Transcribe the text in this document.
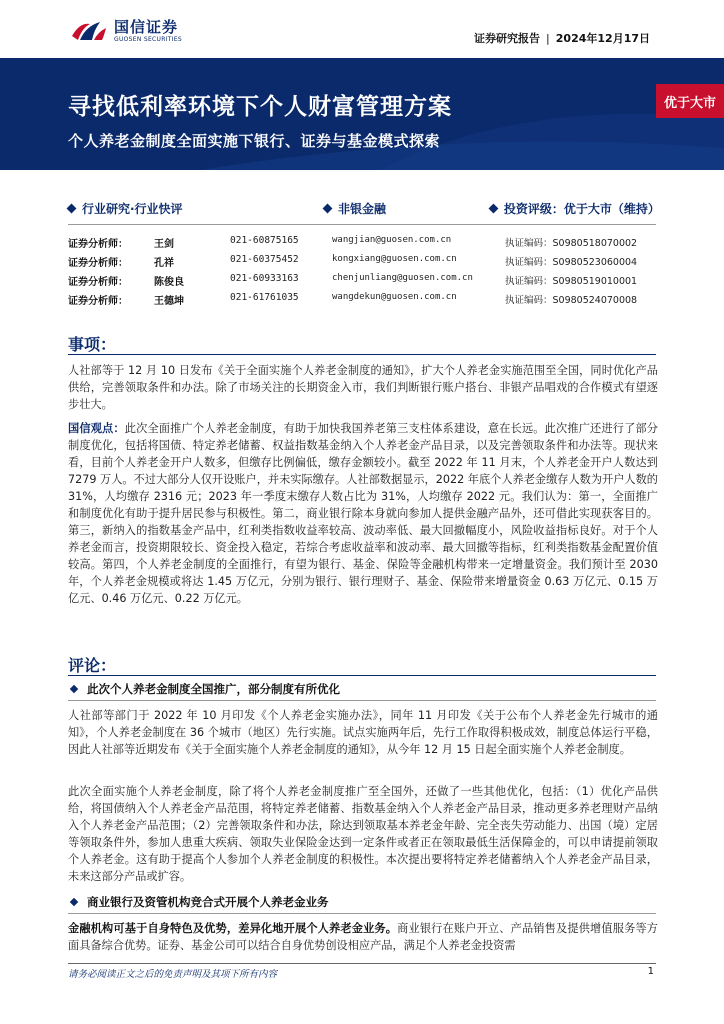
国信证券
GUOSEN SECURITIES	证券研究报告 | 2024年12月17日
寻找低利率环境下个人财富管理方案
个人养老金制度全面实施下银行、证券与基金模式探索
优于大市
行业研究·行业快评	非银金融	投资评级：优于大市（维持）
证券分析师：	王剑	021-60875165	wangjian@guosen.com.cn	执证编码：S0980518070002
证券分析师：	孔祥	021-60375452	kongxiang@guosen.com.cn	执证编码：S0980523060004
证券分析师：	陈俊良	021-60933163	chenjunliang@guosen.com.cn	执证编码：S0980519010001
证券分析师：	王德坤	021-61761035	wangdekun@guosen.com.cn	执证编码：S0980524070008
事项：
人社部等于 12 月 10 日发布《关于全面实施个人养老金制度的通知》，扩大个人养老金实施范围至全国，同时优化产品供给，完善领取条件和办法。除了市场关注的长期资金入市，我们判断银行账户搭台、非银产品唱戏的合作模式有望逐步壮大。
国信观点：此次全面推广个人养老金制度，有助于加快我国养老第三支柱体系建设，意在长远。此次推广还进行了部分制度优化，包括将国债、特定养老储蓄、权益指数基金纳入个人养老金产品目录，以及完善领取条件和办法等。现状来看，目前个人养老金开户人数多，但缴存比例偏低，缴存金额较小。截至 2022 年 11 月末，个人养老金开户人数达到 7279 万人。不过大部分人仅开设账户，并未实际缴存。人社部数据显示，2022 年底个人养老金缴存人数为开户人数的 31%，人均缴存 2316 元；2023 年一季度末缴存人数占比为 31%，人均缴存 2022 元。我们认为：第一，全面推广和制度优化有助于提升居民参与积极性。第二，商业银行除本身就向参加人提供金融产品外，还可借此实现获客目的。第三，新纳入的指数基金产品中，红利类指数收益率较高、波动率低、最大回撤幅度小，风险收益指标良好。对于个人养老金而言，投资期限较长、资金投入稳定，若综合考虑收益率和波动率、最大回撤等指标，红利类指数基金配置价值较高。第四，个人养老金制度的全面推行，有望为银行、基金、保险等金融机构带来一定增量资金。我们预计至 2030 年，个人养老金规模或将达 1.45 万亿元，分别为银行、银行理财子、基金、保险带来增量资金 0.63 万亿元、0.15 万亿元、0.46 万亿元、0.22 万亿元。
评论：
此次个人养老金制度全国推广，部分制度有所优化
人社部等部门于 2022 年 10 月印发《个人养老金实施办法》，同年 11 月印发《关于公布个人养老金先行城市的通知》，个人养老金制度在 36 个城市（地区）先行实施。试点实施两年后，先行工作取得积极成效，制度总体运行平稳，因此人社部等近期发布《关于全面实施个人养老金制度的通知》，从今年 12 月 15 日起全面实施个人养老金制度。
此次全面实施个人养老金制度，除了将个人养老金制度推广至全国外，还做了一些其他优化，包括：（1）优化产品供给，将国债纳入个人养老金产品范围，将特定养老储蓄、指数基金纳入个人养老金产品目录，推动更多养老理财产品纳入个人养老金产品范围；（2）完善领取条件和办法，除达到领取基本养老金年龄、完全丧失劳动能力、出国（境）定居等领取条件外，参加人患重大疾病、领取失业保险金达到一定条件或者正在领取最低生活保障金的，可以申请提前领取个人养老金。这有助于提高个人参加个人养老金制度的积极性。本次提出要将特定养老储蓄纳入个人养老金产品目录，未来这部分产品或扩容。
商业银行及资管机构竞合式开展个人养老金业务
金融机构可基于自身特色及优势，差异化地开展个人养老金业务。商业银行在账户开立、产品销售及提供增值服务等方面具备综合优势。证券、基金公司可以结合自身优势创设相应产品，满足个人养老金投资需
请务必阅读正文之后的免责声明及其项下所有内容	1
